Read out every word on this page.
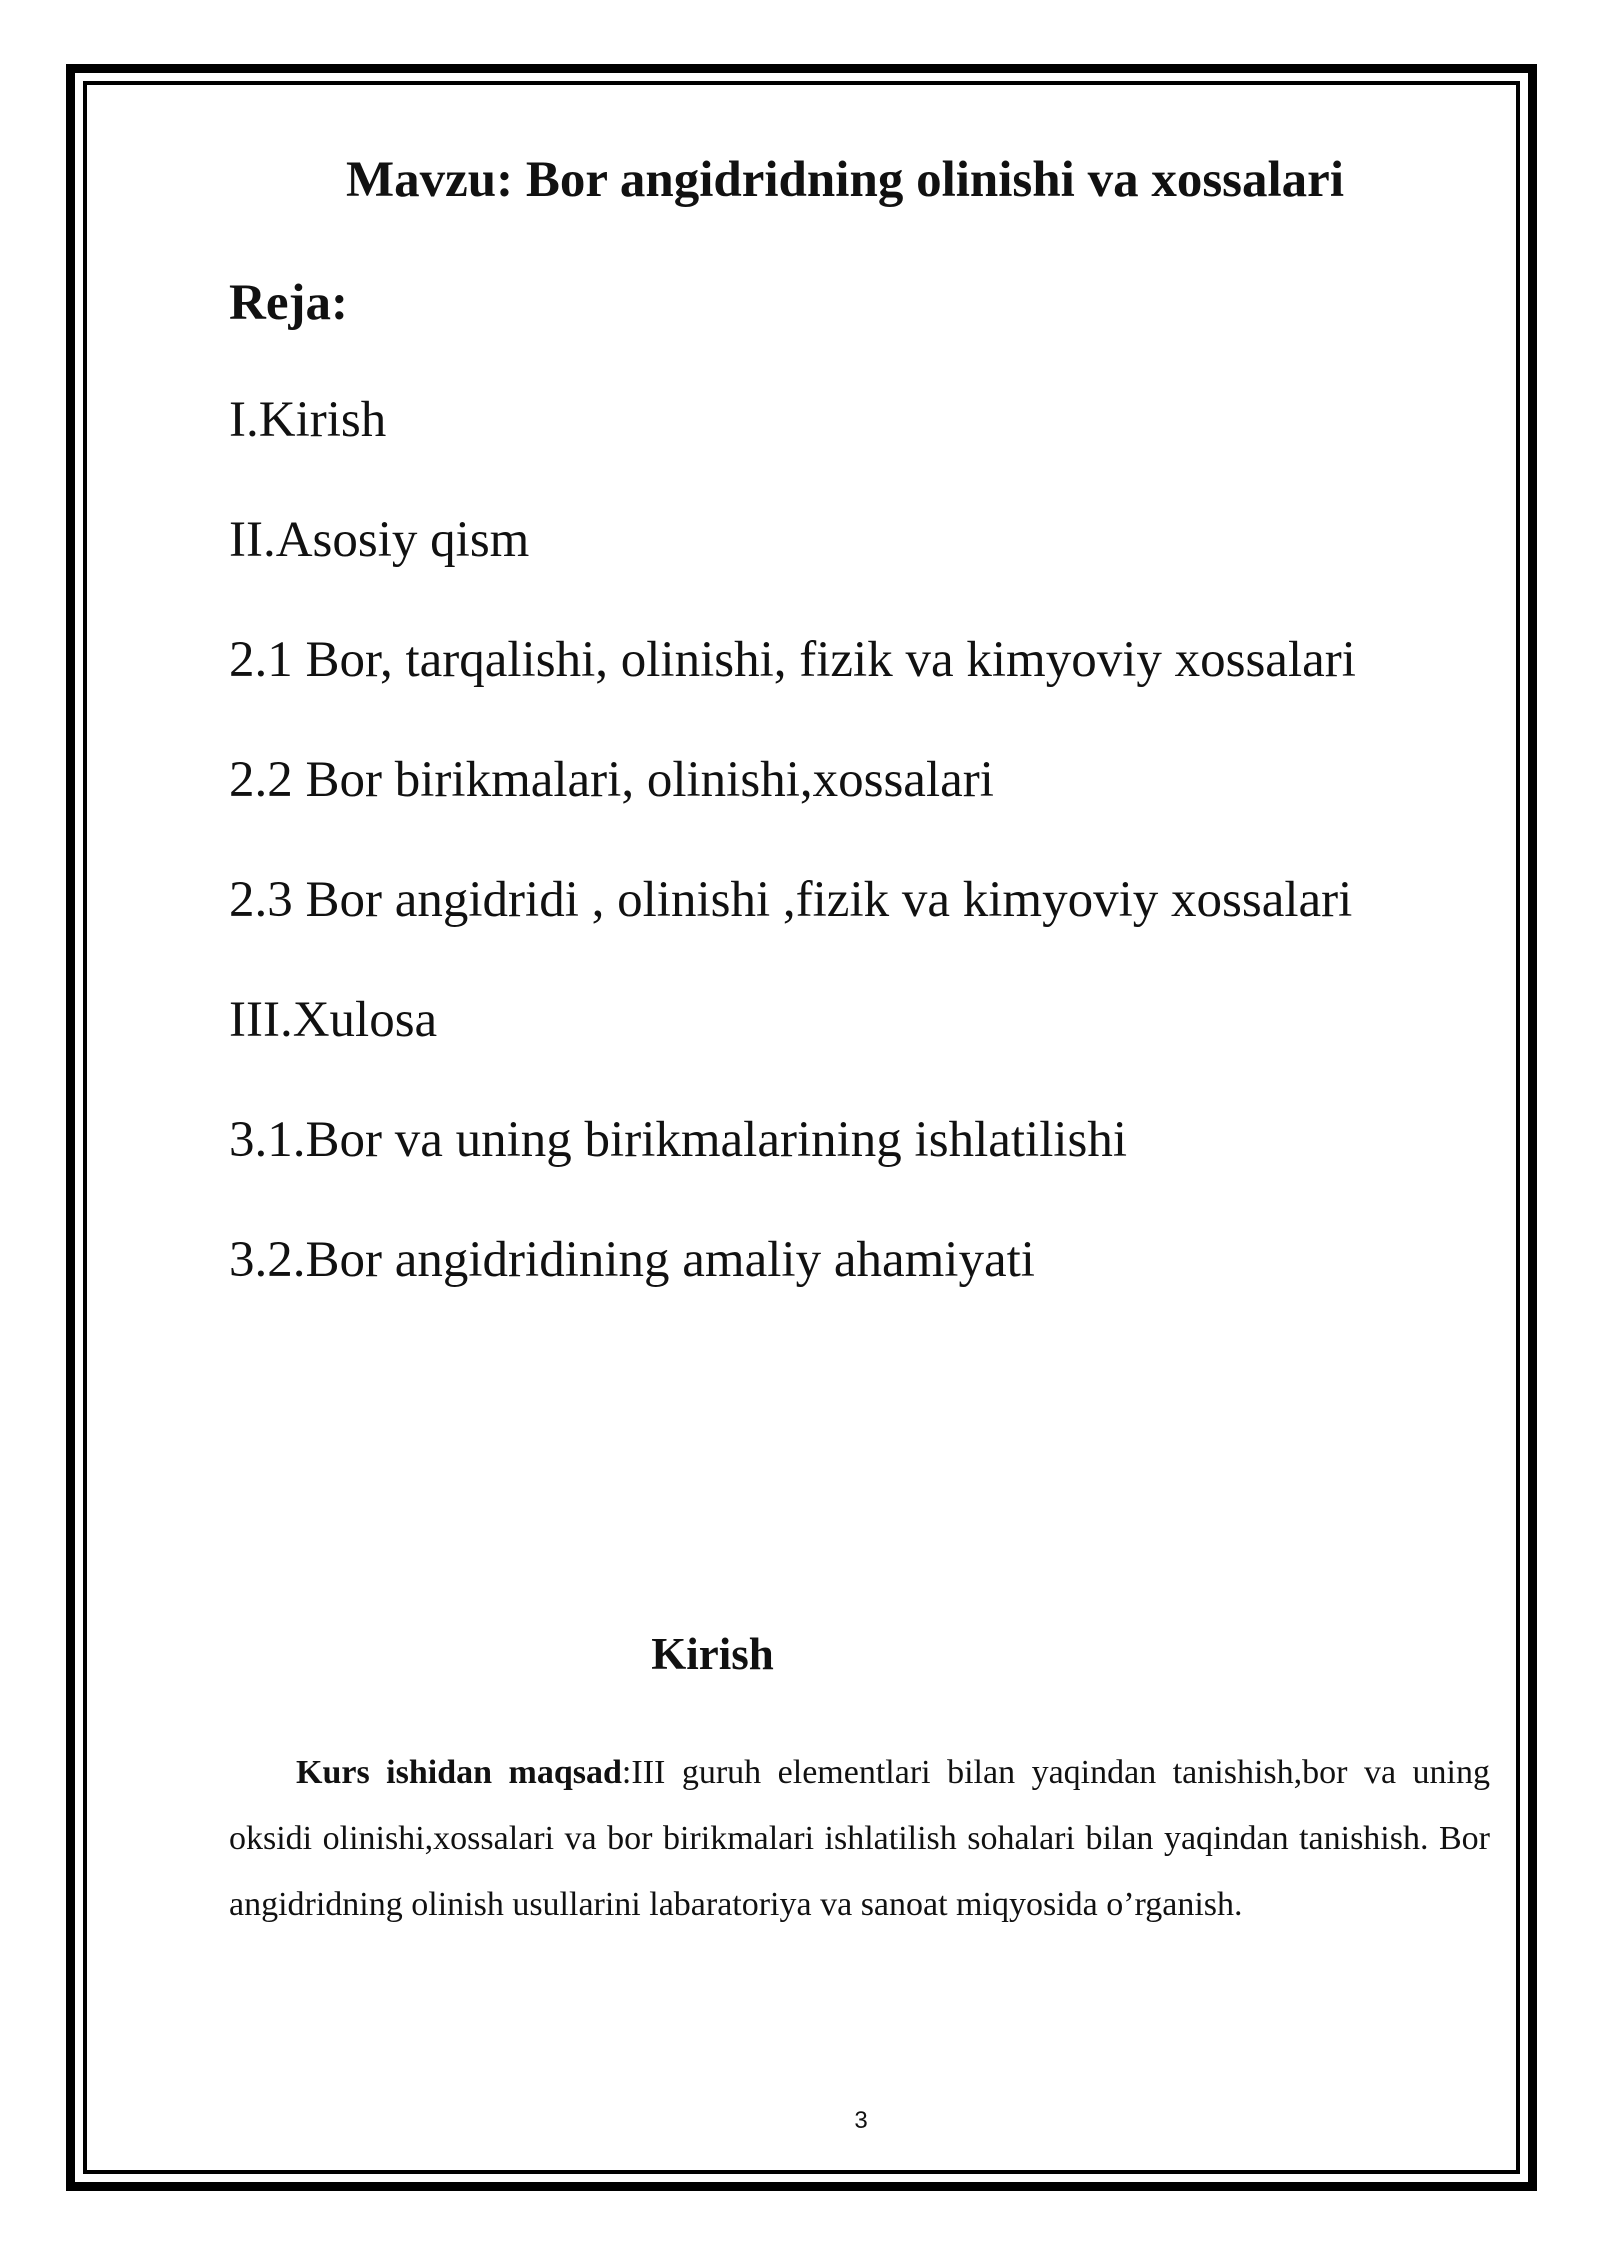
Mavzu: Bor angidridning olinishi va xossalari
Reja:
I.Kirish
II.Asosiy qism
2.1 Bor, tarqalishi, olinishi, fizik va kimyoviy xossalari
2.2 Bor birikmalari, olinishi,xossalari
2.3 Bor angidridi , olinishi ,fizik va kimyoviy xossalari
III.Xulosa
3.1.Bor va uning birikmalarining ishlatilishi
3.2.Bor angidridining amaliy ahamiyati
Kirish

Kurs ishidan maqsad:III guruh elementlari bilan yaqindan tanishish,bor va uning oksidi olinishi,xossalari va bor birikmalari ishlatilish sohalari bilan yaqindan tanishish. Bor angidridning olinish usullarini labaratoriya va sanoat miqyosida o’rganish.

3
